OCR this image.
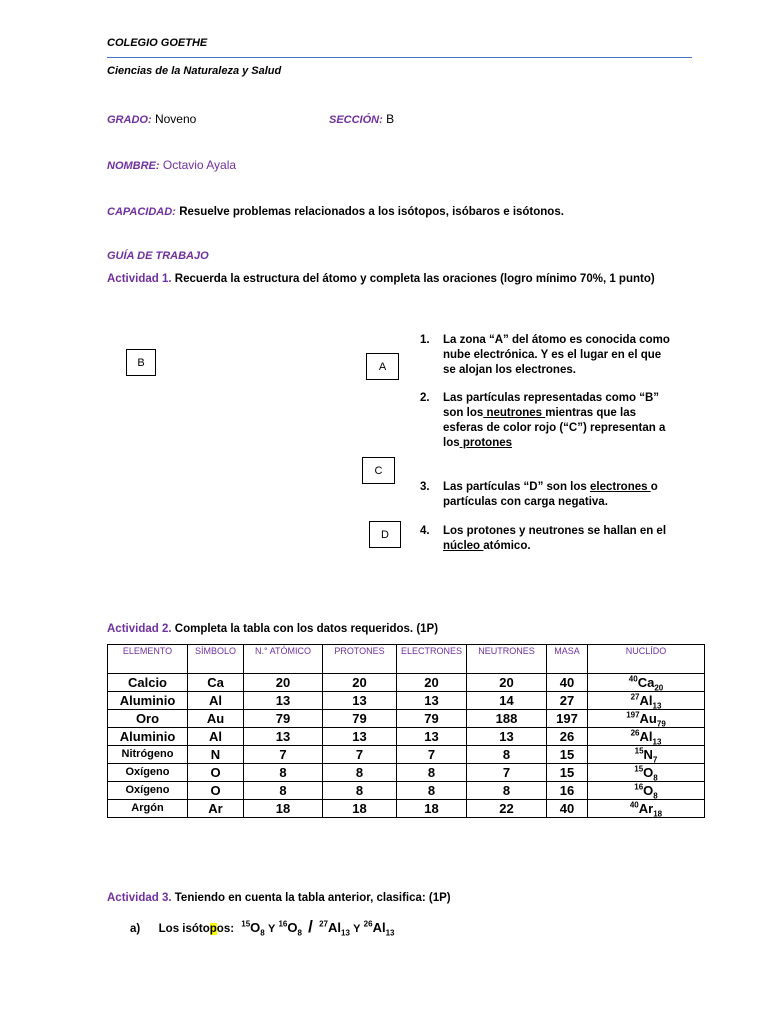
COLEGIO GOETHE
Ciencias de la Naturaleza y Salud
GRADO: Noveno	SECCIÓN: B
NOMBRE: Octavio Ayala
CAPACIDAD: Resuelve problemas relacionados a los isótopos, isóbaros e isótonos.
GUÍA DE TRABAJO
Actividad 1. Recuerda la estructura del átomo y completa las oraciones (logro mínimo 70%, 1 punto)
B	A
C
D
1. La zona “A” del átomo es conocida como nube electrónica. Y es el lugar en el que se alojan los electrones.
2. Las partículas representadas como “B” son los neutrones mientras que las esferas de color rojo (“C”) representan a los protones
3. Las partículas “D” son los electrones o partículas con carga negativa.
4. Los protones y neutrones se hallan en el núcleo atómico.
Actividad 2. Completa la tabla con los datos requeridos. (1P)
ELEMENTO	SÍMBOLO	N.° ATÓMICO	PROTONES	ELECTRONES	NEUTRONES	MASA	NUCLÍDO
Calcio	Ca	20	20	20	20	40	$^{40}Ca_{20}$
Aluminio	Al	13	13	13	14	27	$^{27}Al_{13}$
Oro	Au	79	79	79	188	197	$^{197}Au_{79}$
Aluminio	Al	13	13	13	13	26	$^{26}Al_{13}$
Nitrógeno	N	7	7	7	8	15	$^{15}N_7$
Oxígeno	O	8	8	8	7	15	$^{15}O_8$
Oxígeno	O	8	8	8	8	16	$^{16}O_8$
Argón	Ar	18	18	18	22	40	$^{40}Ar_{18}$
Actividad 3. Teniendo en cuenta la tabla anterior, clasifica: (1P)
a) Los isótopos: $^{15}O_8$ Y $^{16}O_8 / ^{27}Al_{13}$ Y $^{26}Al_{13}$
